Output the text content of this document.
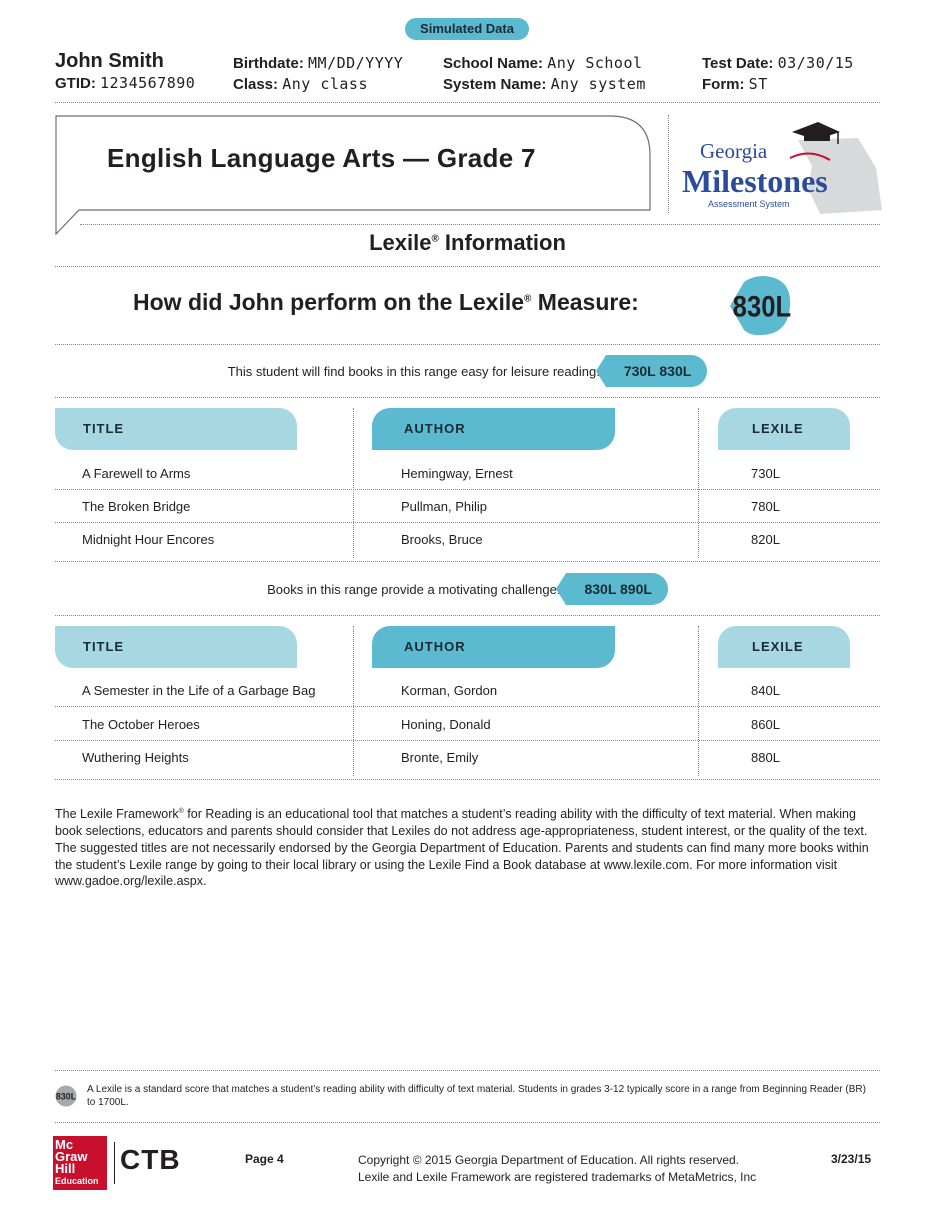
Simulated Data
John Smith
GTID: 1234567890
Birthdate: MM/DD/YYYY
Class: Any class
School Name: Any School
System Name: Any system
Test Date: 03/30/15
Form: ST
English Language Arts — Grade 7	Georgia
Milestones
Assessment System
Lexile® Information
How did John perform on the Lexile® Measure:	830L
This student will find books in this range easy for leisure reading:	730L 830L
TITLE	AUTHOR	LEXILE
A Farewell to Arms	Hemingway, Ernest	730L
The Broken Bridge	Pullman, Philip	780L
Midnight Hour Encores	Brooks, Bruce	820L
Books in this range provide a motivating challenge:	830L 890L
TITLE	AUTHOR	LEXILE
A Semester in the Life of a Garbage Bag	Korman, Gordon	840L
The October Heroes	Honing, Donald	860L
Wuthering Heights	Bronte, Emily	880L
The Lexile Framework® for Reading is an educational tool that matches a student’s reading ability with the difficulty of text material. When making book selections, educators and parents should consider that Lexiles do not address age-appropriateness, student interest, or the quality of the text. The suggested titles are not necessarily endorsed by the Georgia Department of Education. Parents and students can find many more books within the student’s Lexile range by going to their local library or using the Lexile Find a Book database at www.lexile.com. For more information visit www.gadoe.org/lexile.aspx.
830L
A Lexile is a standard score that matches a student’s reading ability with difficulty of text material. Students in grades 3-12 typically score in a range from Beginning Reader (BR) to 1700L.
Mc
Graw
Hill
Education
CTB	Page 4	Copyright © 2015 Georgia Department of Education. All rights reserved.
Lexile and Lexile Framework are registered trademarks of MetaMetrics, Inc
3/23/15
